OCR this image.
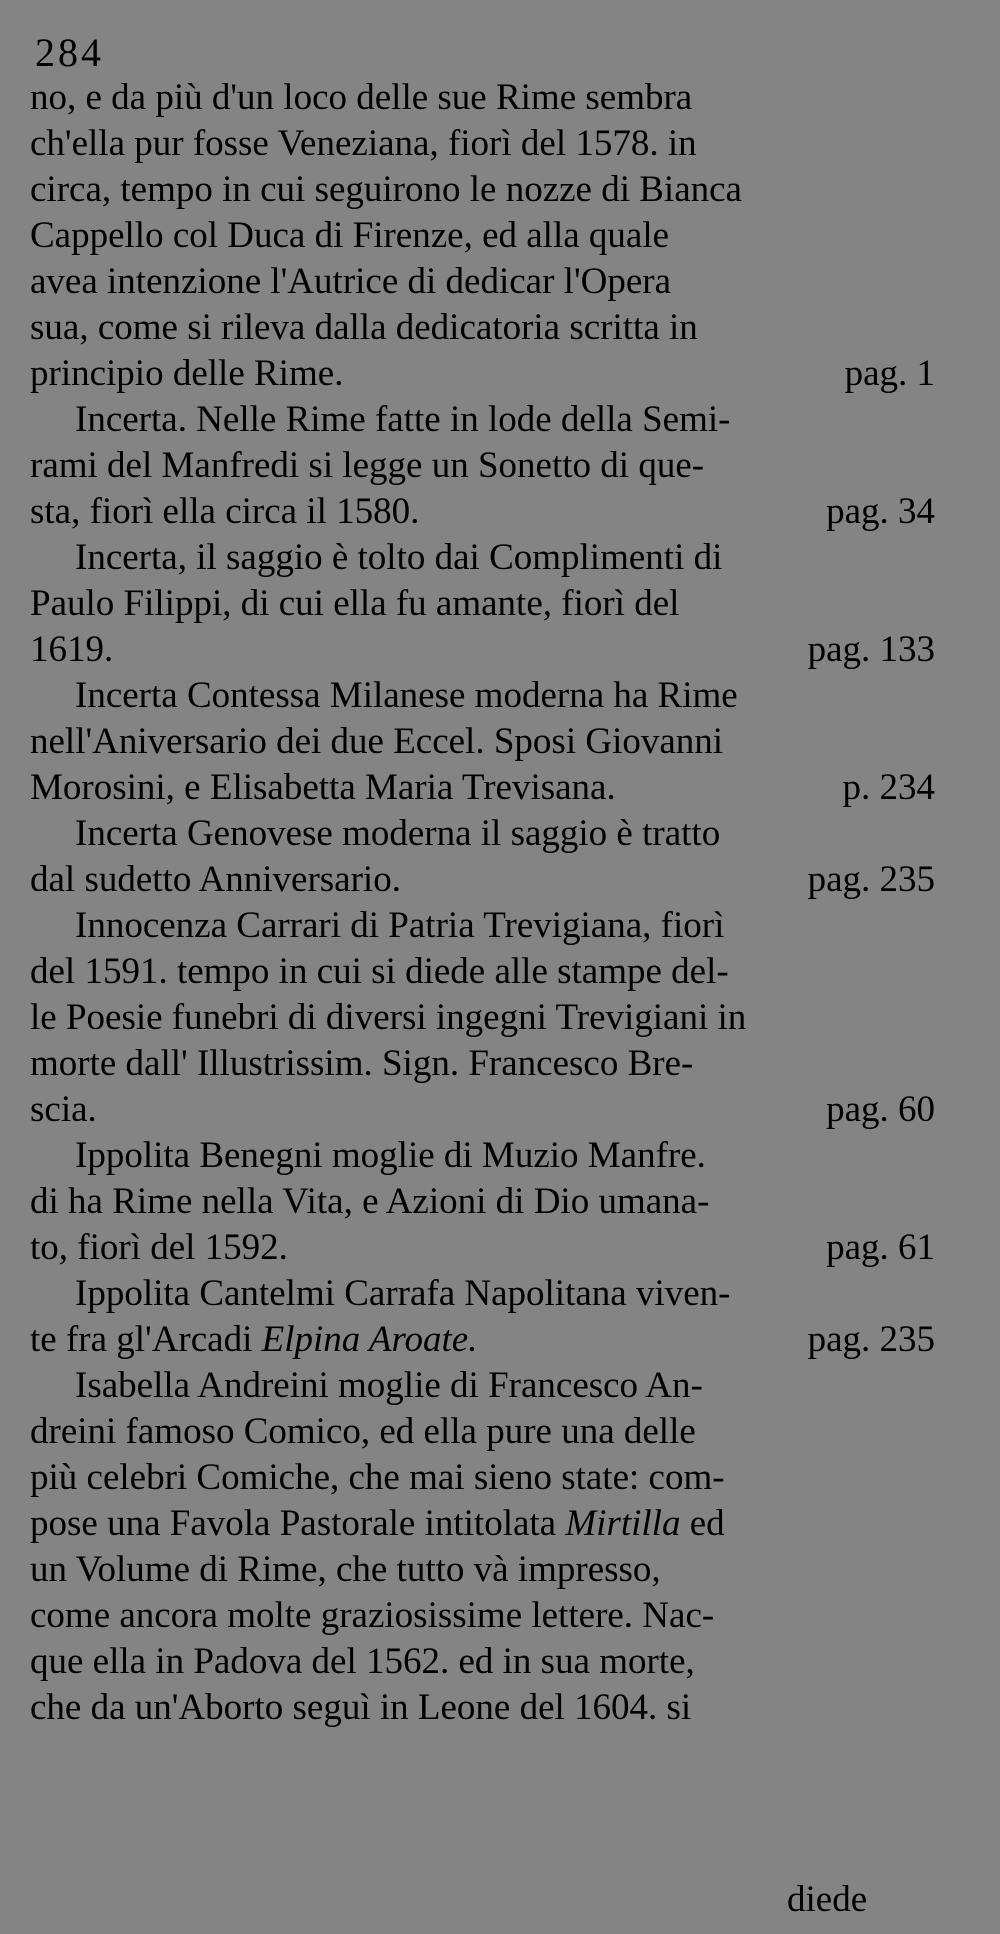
284
no, e da più d'un loco delle sue Rime sembra
ch'ella pur fosse Veneziana, fiorì del 1578. in
circa, tempo in cui seguirono le nozze di Bianca
Cappello col Duca di Firenze, ed alla quale
avea intenzione l'Autrice di dedicar l'Opera
sua, come si rileva dalla dedicatoria scritta in
principio delle Rime.	pag. 1
Incerta. Nelle Rime fatte in lode della Semi-
rami del Manfredi si legge un Sonetto di que-
sta, fiorì ella circa il 1580.	pag. 34
Incerta, il saggio è tolto dai Complimenti di
Paulo Filippi, di cui ella fu amante, fiorì del
1619.	pag. 133
Incerta Contessa Milanese moderna ha Rime
nell'Aniversario dei due Eccel. Sposi Giovanni
Morosini, e Elisabetta Maria Trevisana.	p. 234
Incerta Genovese moderna il saggio è tratto
dal sudetto Anniversario.	pag. 235
Innocenza Carrari di Patria Trevigiana, fiorì
del 1591. tempo in cui si diede alle stampe del-
le Poesie funebri di diversi ingegni Trevigiani in
morte dall' Illustrissim. Sign. Francesco Bre-
scia.	pag. 60
Ippolita Benegni moglie di Muzio Manfre.
di ha Rime nella Vita, e Azioni di Dio umana-
to, fiorì del 1592.	pag. 61
Ippolita Cantelmi Carrafa Napolitana viven-
te fra gl'Arcadi Elpina Aroate.	pag. 235
Isabella Andreini moglie di Francesco An-
dreini famoso Comico, ed ella pure una delle
più celebri Comiche, che mai sieno state: com-
pose una Favola Pastorale intitolata Mirtilla ed
un Volume di Rime, che tutto và impresso,
come ancora molte graziosissime lettere. Nac-
que ella in Padova del 1562. ed in sua morte,
che da un'Aborto seguì in Leone del 1604. si
diede
